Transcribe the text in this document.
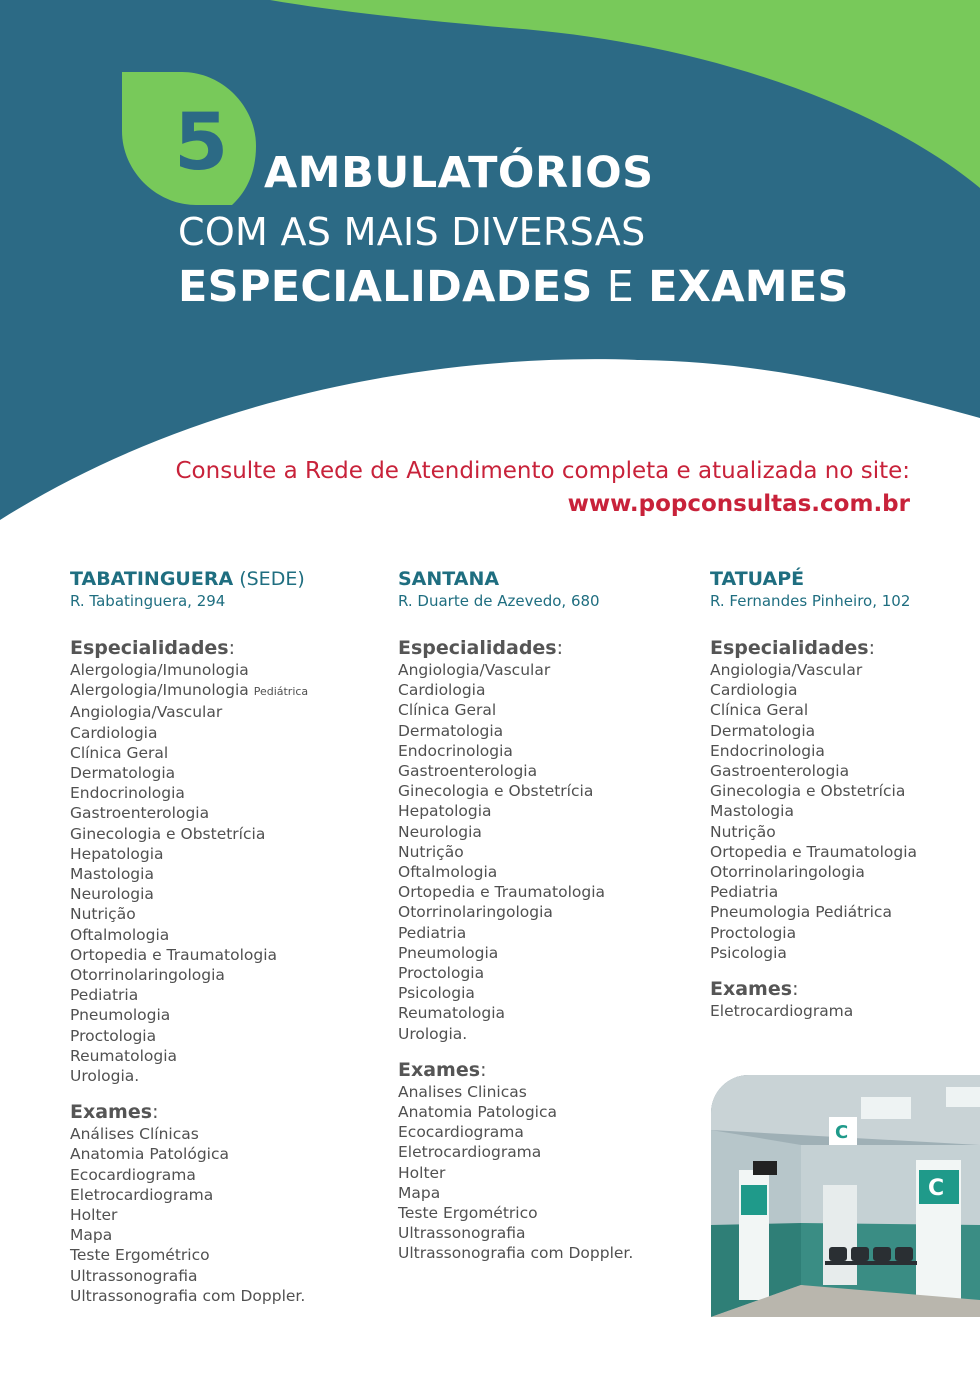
5 AMBULATÓRIOS
COM AS MAIS DIVERSAS
ESPECIALIDADES E EXAMES
Consulte a Rede de Atendimento completa e atualizada no site:
www.popconsultas.com.br
TABATINGUERA (SEDE)
R. Tabatinguera, 294
Especialidades:
Alergologia/Imunologia
Alergologia/Imunologia Pediátrica
Angiologia/Vascular
Cardiologia
Clínica Geral
Dermatologia
Endocrinologia
Gastroenterologia
Ginecologia e Obstetrícia
Hepatologia
Mastologia
Neurologia
Nutrição
Oftalmologia
Ortopedia e Traumatologia
Otorrinolaringologia
Pediatria
Pneumologia
Proctologia
Reumatologia
Urologia.
Exames:
Análises Clínicas
Anatomia Patológica
Ecocardiograma
Eletrocardiograma
Holter
Mapa
Teste Ergométrico
Ultrassonografia
Ultrassonografia com Doppler.
SANTANA
R. Duarte de Azevedo, 680
Especialidades:
Angiologia/Vascular
Cardiologia
Clínica Geral
Dermatologia
Endocrinologia
Gastroenterologia
Ginecologia e Obstetrícia
Hepatologia
Neurologia
Nutrição
Oftalmologia
Ortopedia e Traumatologia
Otorrinolaringologia
Pediatria
Pneumologia
Proctologia
Psicologia
Reumatologia
Urologia.
Exames:
Analises Clinicas
Anatomia Patologica
Ecocardiograma
Eletrocardiograma
Holter
Mapa
Teste Ergométrico
Ultrassonografia
Ultrassonografia com Doppler.
TATUAPÉ
R. Fernandes Pinheiro, 102
Especialidades:
Angiologia/Vascular
Cardiologia
Clínica Geral
Dermatologia
Endocrinologia
Gastroenterologia
Ginecologia e Obstetrícia
Mastologia
Nutrição
Ortopedia e Traumatologia
Otorrinolaringologia
Pediatria
Pneumologia Pediátrica
Proctologia
Psicologia
Exames:
Eletrocardiograma
C
C
